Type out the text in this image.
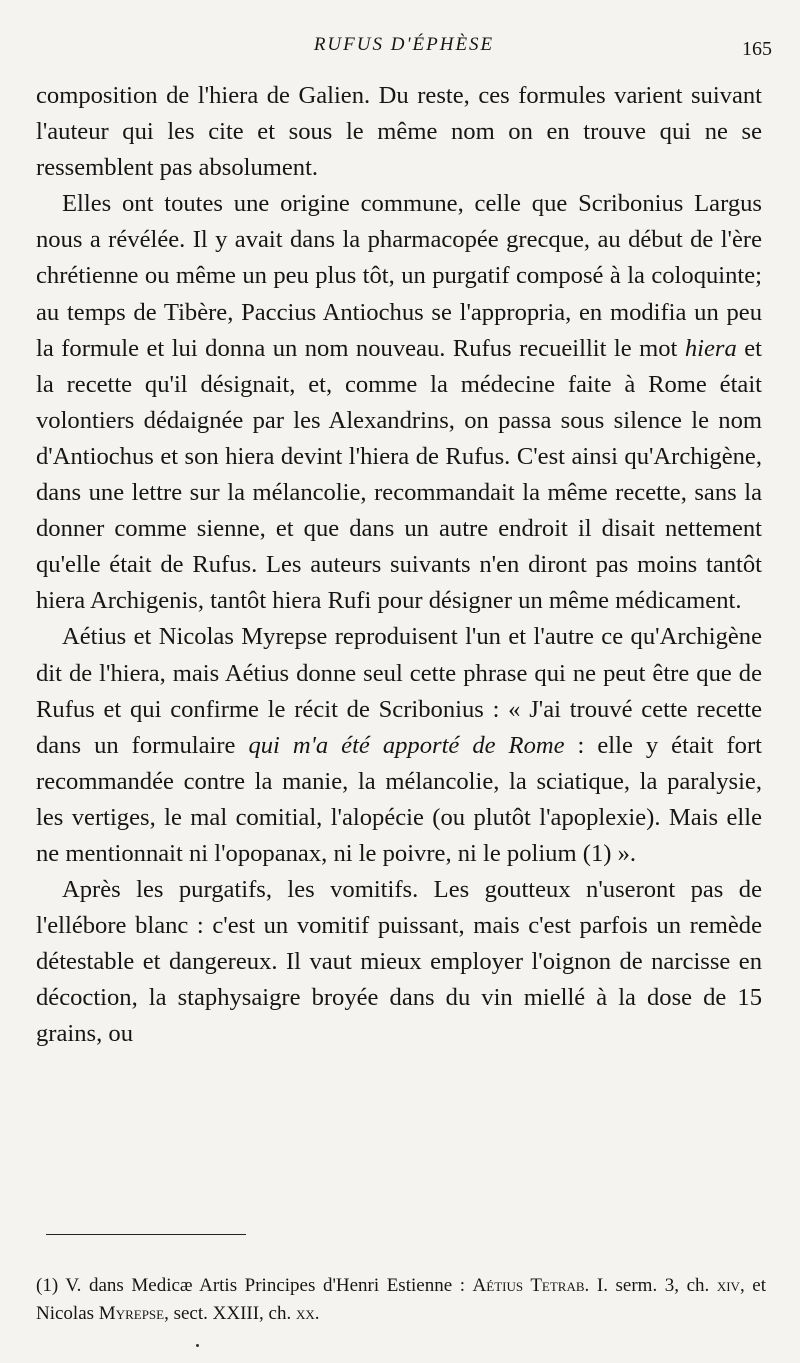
RUFUS D'ÉPHÈSE	165

composition de l'hiera de Galien. Du reste, ces formules varient suivant l'auteur qui les cite et sous le même nom on en trouve qui ne se ressemblent pas absolument.

Elles ont toutes une origine commune, celle que Scribonius Largus nous a révélée. Il y avait dans la pharmacopée grecque, au début de l'ère chrétienne ou même un peu plus tôt, un purgatif composé à la coloquinte; au temps de Tibère, Paccius Antiochus se l'appropria, en modifia un peu la formule et lui donna un nom nouveau. Rufus recueillit le mot hiera et la recette qu'il désignait, et, comme la médecine faite à Rome était volontiers dédaignée par les Alexandrins, on passa sous silence le nom d'Antiochus et son hiera devint l'hiera de Rufus. C'est ainsi qu'Archigène, dans une lettre sur la mélancolie, recommandait la même recette, sans la donner comme sienne, et que dans un autre endroit il disait nettement qu'elle était de Rufus. Les auteurs suivants n'en diront pas moins tantôt hiera Archigenis, tantôt hiera Rufi pour désigner un même médicament.

Aétius et Nicolas Myrepse reproduisent l'un et l'autre ce qu'Archigène dit de l'hiera, mais Aétius donne seul cette phrase qui ne peut être que de Rufus et qui confirme le récit de Scribonius : « J'ai trouvé cette recette dans un formulaire qui m'a été apporté de Rome : elle y était fort recommandée contre la manie, la mélancolie, la sciatique, la paralysie, les vertiges, le mal comitial, l'alopécie (ou plutôt l'apoplexie). Mais elle ne mentionnait ni l'opopanax, ni le poivre, ni le polium (1) ».

Après les purgatifs, les vomitifs. Les goutteux n'useront pas de l'ellébore blanc : c'est un vomitif puissant, mais c'est parfois un remède détestable et dangereux. Il vaut mieux employer l'oignon de narcisse en décoction, la staphysaigre broyée dans du vin miellé à la dose de 15 grains, ou

(1) V. dans Medicæ Artis Principes d'Henri Estienne : Aétius Tetrab. I. serm. 3, ch. xiv, et Nicolas Myrepse, sect. XXIII, ch. xx.
